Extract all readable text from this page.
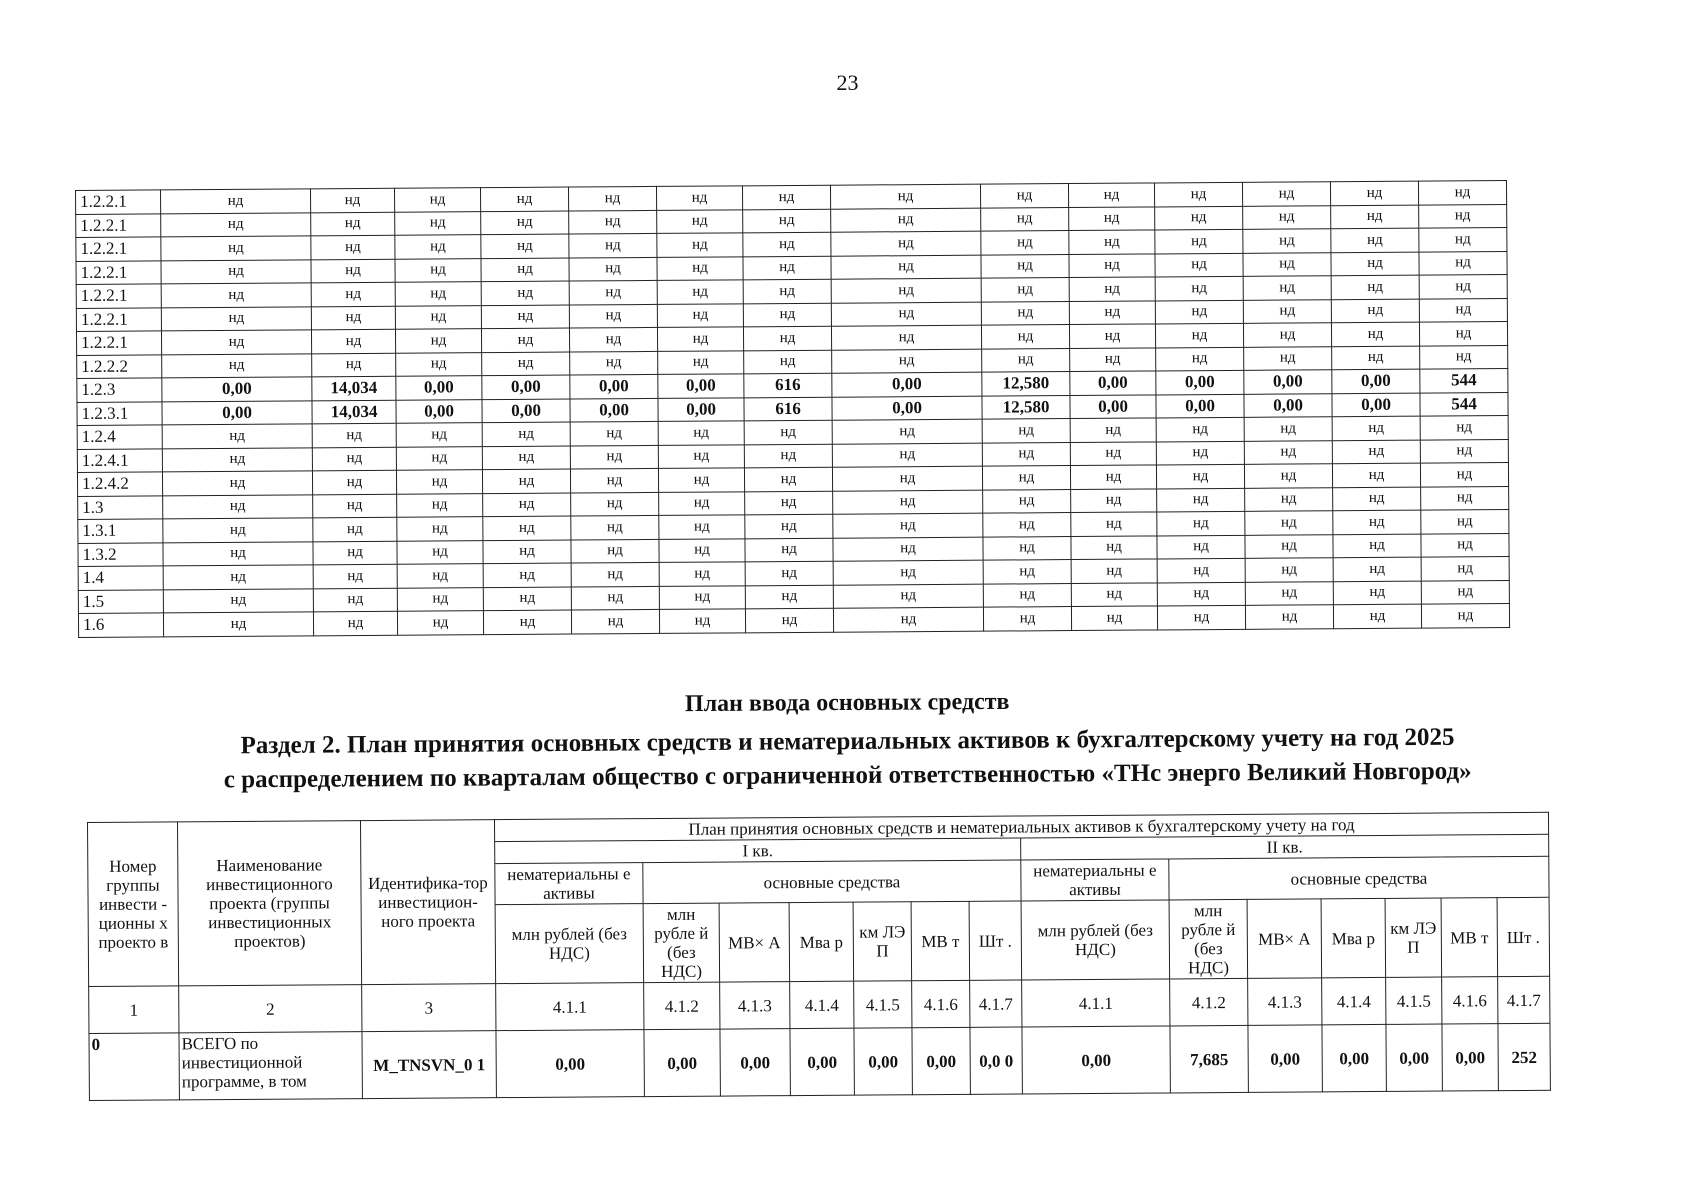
23
1.2.2.1	нд	нд	нд	нд	нд	нд	нд	нд	нд	нд	нд	нд	нд	нд
1.2.2.1	нд	нд	нд	нд	нд	нд	нд	нд	нд	нд	нд	нд	нд	нд
1.2.2.1	нд	нд	нд	нд	нд	нд	нд	нд	нд	нд	нд	нд	нд	нд
1.2.2.1	нд	нд	нд	нд	нд	нд	нд	нд	нд	нд	нд	нд	нд	нд
1.2.2.1	нд	нд	нд	нд	нд	нд	нд	нд	нд	нд	нд	нд	нд	нд
1.2.2.1	нд	нд	нд	нд	нд	нд	нд	нд	нд	нд	нд	нд	нд	нд
1.2.2.1	нд	нд	нд	нд	нд	нд	нд	нд	нд	нд	нд	нд	нд	нд
1.2.2.2	нд	нд	нд	нд	нд	нд	нд	нд	нд	нд	нд	нд	нд	нд
1.2.3	0,00	14,034	0,00	0,00	0,00	0,00	616	0,00	12,580	0,00	0,00	0,00	0,00	544
1.2.3.1	0,00	14,034	0,00	0,00	0,00	0,00	616	0,00	12,580	0,00	0,00	0,00	0,00	544
1.2.4	нд	нд	нд	нд	нд	нд	нд	нд	нд	нд	нд	нд	нд	нд
1.2.4.1	нд	нд	нд	нд	нд	нд	нд	нд	нд	нд	нд	нд	нд	нд
1.2.4.2	нд	нд	нд	нд	нд	нд	нд	нд	нд	нд	нд	нд	нд	нд
1.3	нд	нд	нд	нд	нд	нд	нд	нд	нд	нд	нд	нд	нд	нд
1.3.1	нд	нд	нд	нд	нд	нд	нд	нд	нд	нд	нд	нд	нд	нд
1.3.2	нд	нд	нд	нд	нд	нд	нд	нд	нд	нд	нд	нд	нд	нд
1.4	нд	нд	нд	нд	нд	нд	нд	нд	нд	нд	нд	нд	нд	нд
1.5	нд	нд	нд	нд	нд	нд	нд	нд	нд	нд	нд	нд	нд	нд
1.6	нд	нд	нд	нд	нд	нд	нд	нд	нд	нд	нд	нд	нд	нд
План ввода основных средств
Раздел 2. План принятия основных средств и нематериальных активов к бухгалтерскому учету на год 2025
с распределением по кварталам общество с ограниченной ответственностью «ТНс энерго Великий Новгород»
Номер группы инвести - ционны х проекто в	Наименование инвестиционного проекта (группы инвестиционных проектов)	Идентифика-тор инвестицион-ного проекта	План принятия основных средств и нематериальных активов к бухгалтерскому учету на год													
			I кв.							II кв.						
			нематериальны е активы	основные средства						нематериальны е активы	основные средства					
			млн рублей (без НДС)	млн рубле й (без НДС)	МВ× А	Мва р	км ЛЭ П	МВ т	Шт .	млн рублей (без НДС)	млн рубле й (без НДС)	МВ× А	Мва р	км ЛЭ П	МВ т	Шт .
1	2	3	4.1.1	4.1.2	4.1.3	4.1.4	4.1.5	4.1.6	4.1.7	4.1.1	4.1.2	4.1.3	4.1.4	4.1.5	4.1.6	4.1.7
0	ВСЕГО по инвестиционной программе, в том	M_TNSVN_0 1	0,00	0,00	0,00	0,00	0,00	0,00	0,0 0	0,00	7,685	0,00	0,00	0,00	0,00	252
